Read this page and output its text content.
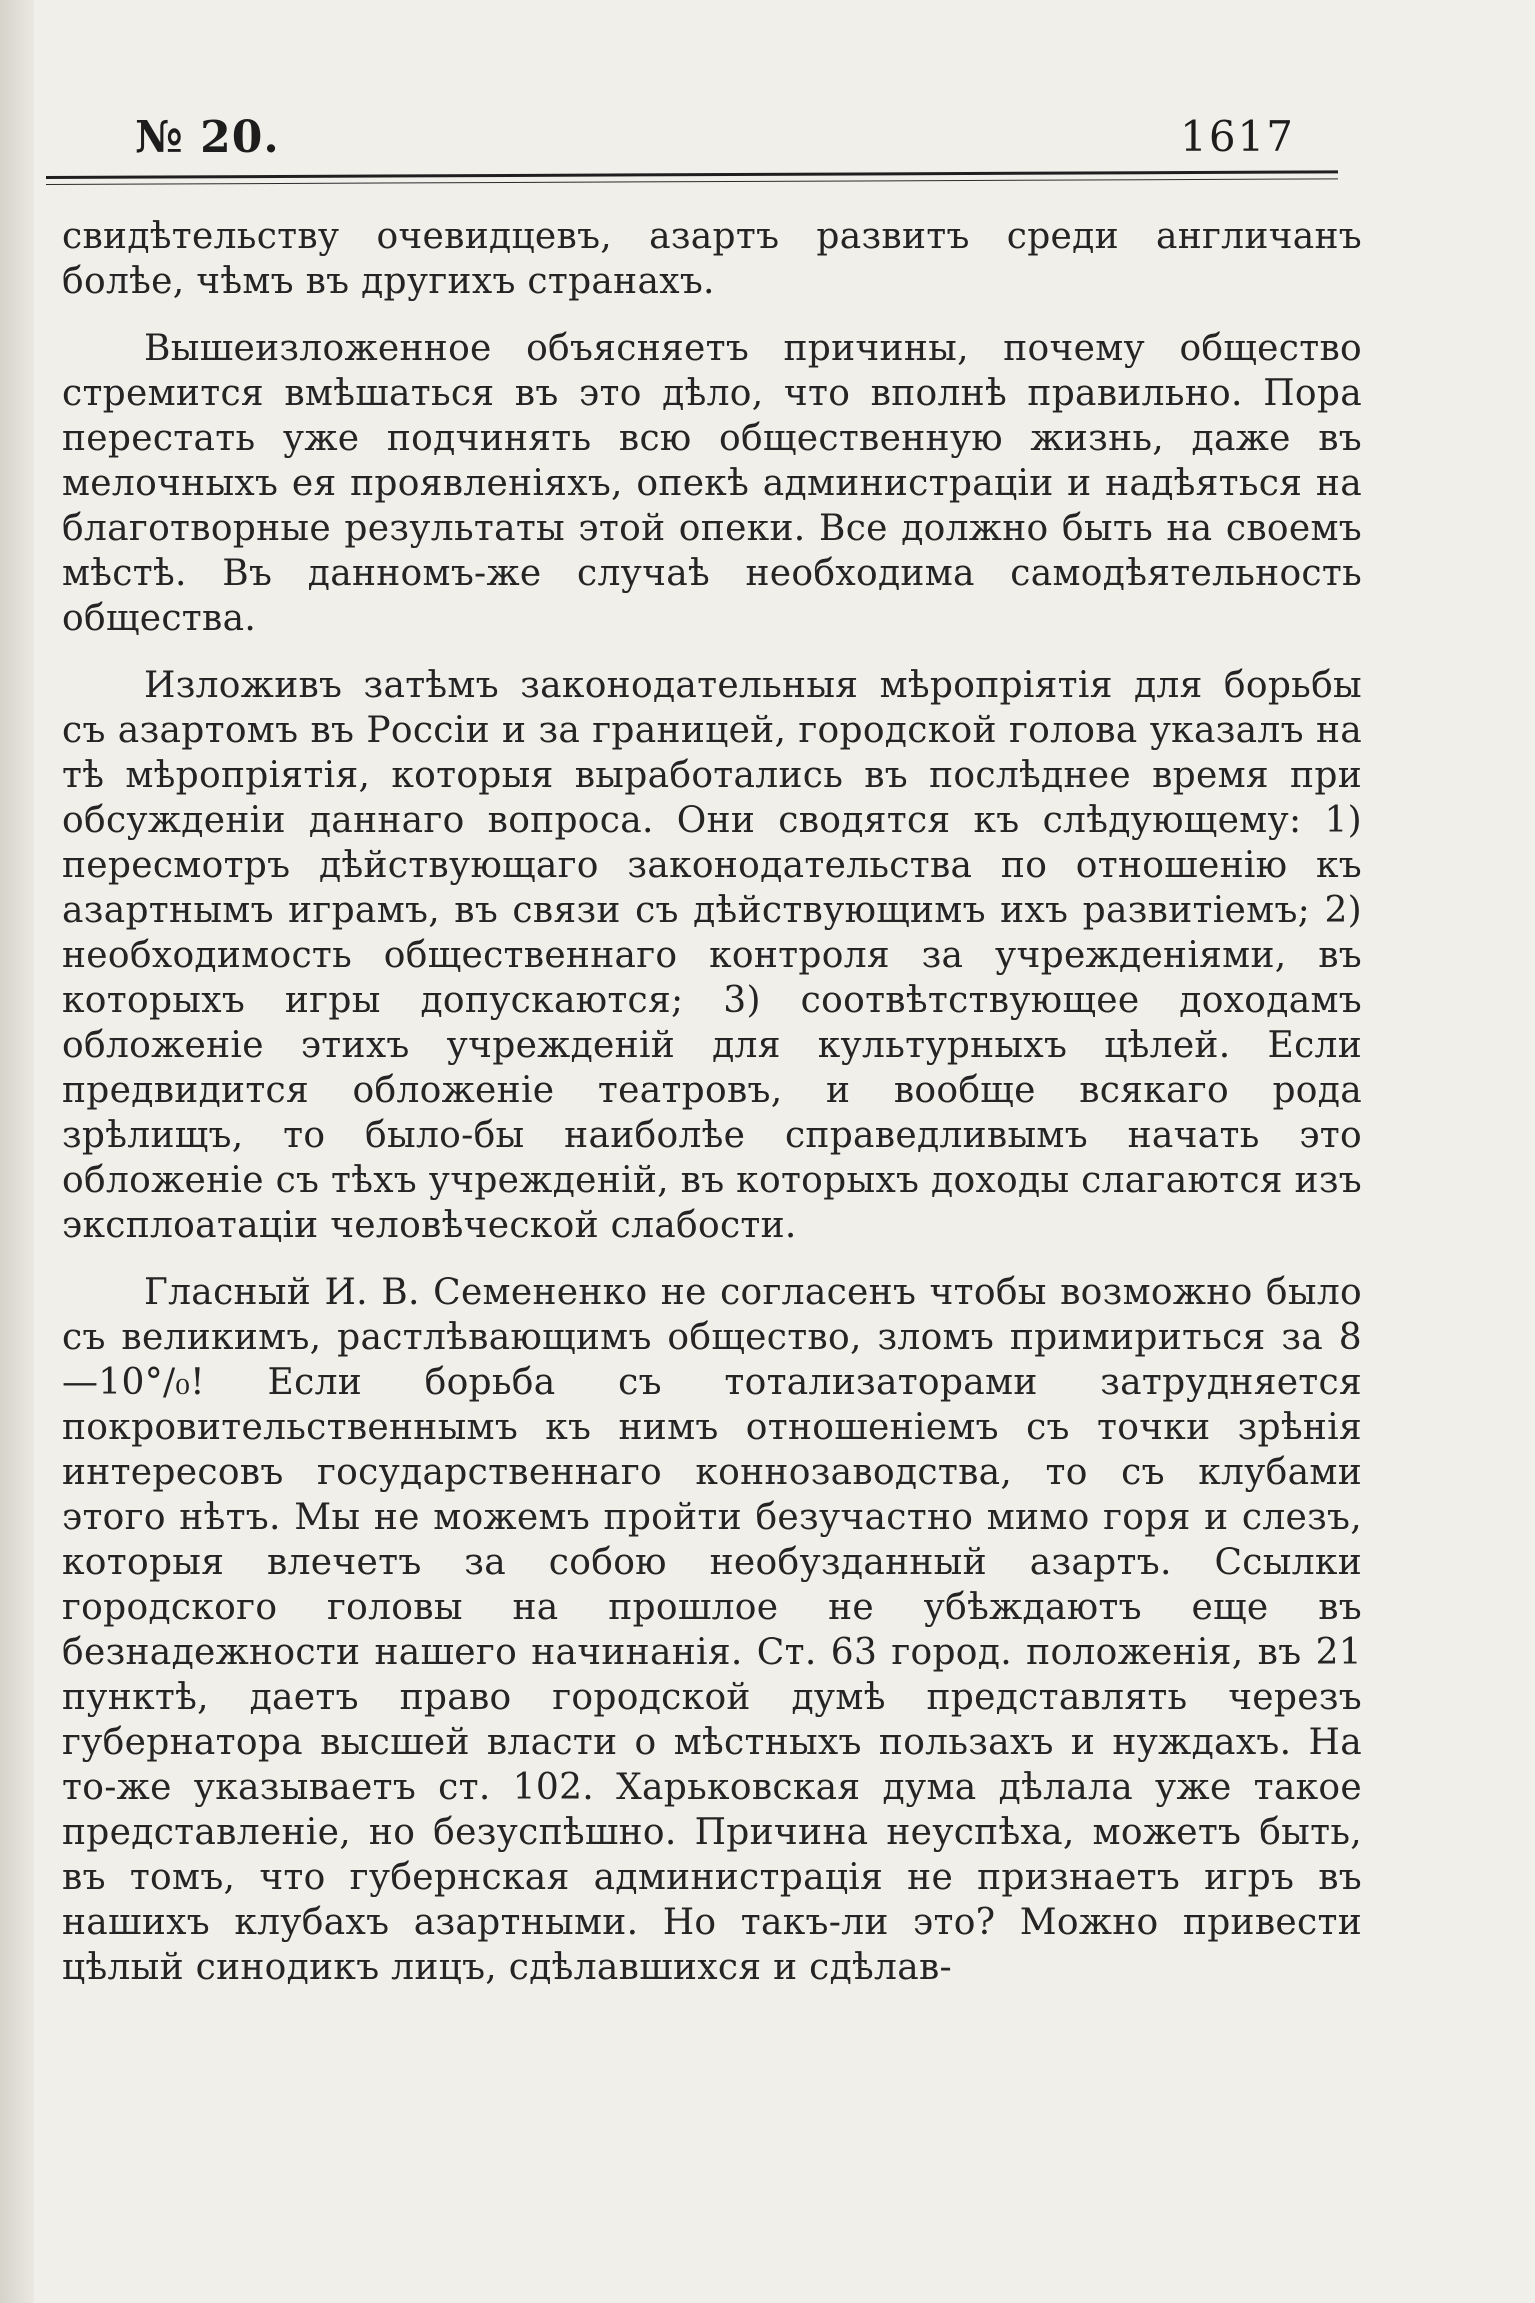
№ 20.	1617

свидѣтельству очевидцевъ, азартъ развитъ среди англичанъ болѣе, чѣмъ въ другихъ странахъ.

Вышеизложенное объясняетъ причины, почему общество стремится вмѣшаться въ это дѣло, что вполнѣ правильно. Пора перестать уже подчинять всю общественную жизнь, даже въ мелочныхъ ея проявленіяхъ, опекѣ администраціи и надѣяться на благотворные результаты этой опеки. Все должно быть на своемъ мѣстѣ. Въ данномъ-же случаѣ необходима самодѣятельность общества.

Изложивъ затѣмъ законодательныя мѣропріятія для борьбы съ азартомъ въ Россіи и за границей, городской голова указалъ на тѣ мѣропріятія, которыя выработались въ послѣднее время при обсужденіи даннаго вопроса. Они сводятся къ слѣдующему: 1) пересмотръ дѣйствующаго законодательства по отношенію къ азартнымъ играмъ, въ связи съ дѣйствующимъ ихъ развитіемъ; 2) необходимость общественнаго контроля за учрежденіями, въ которыхъ игры допускаются; 3) соотвѣтствующее доходамъ обложеніе этихъ учрежденій для культурныхъ цѣлей. Если предвидится обложеніе театровъ, и вообще всякаго рода зрѣлищъ, то было-бы наиболѣе справедливымъ начать это обложеніе съ тѣхъ учрежденій, въ которыхъ доходы слагаются изъ эксплоатаціи человѣческой слабости.

Гласный И. В. Семененко не согласенъ чтобы возможно было съ великимъ, растлѣвающимъ общество, зломъ примириться за 8—10°/₀! Если борьба съ тотализаторами затрудняется покровительственнымъ къ нимъ отношеніемъ съ точки зрѣнія интересовъ государственнаго коннозаводства, то съ клубами этого нѣтъ. Мы не можемъ пройти безучастно мимо горя и слезъ, которыя влечетъ за собою необузданный азартъ. Ссылки городского головы на прошлое не убѣждаютъ еще въ безнадежности нашего начинанія. Ст. 63 город. положенія, въ 21 пунктѣ, даетъ право городской думѣ представлять черезъ губернатора высшей власти о мѣстныхъ пользахъ и нуждахъ. На то-же указываетъ ст. 102. Харьковская дума дѣлала уже такое представленіе, но безуспѣшно. Причина неуспѣха, можетъ быть, въ томъ, что губернская администрація не признаетъ игръ въ нашихъ клубахъ азартными. Но такъ-ли это? Можно привести цѣлый синодикъ лицъ, сдѣлавшихся и сдѣлав-
